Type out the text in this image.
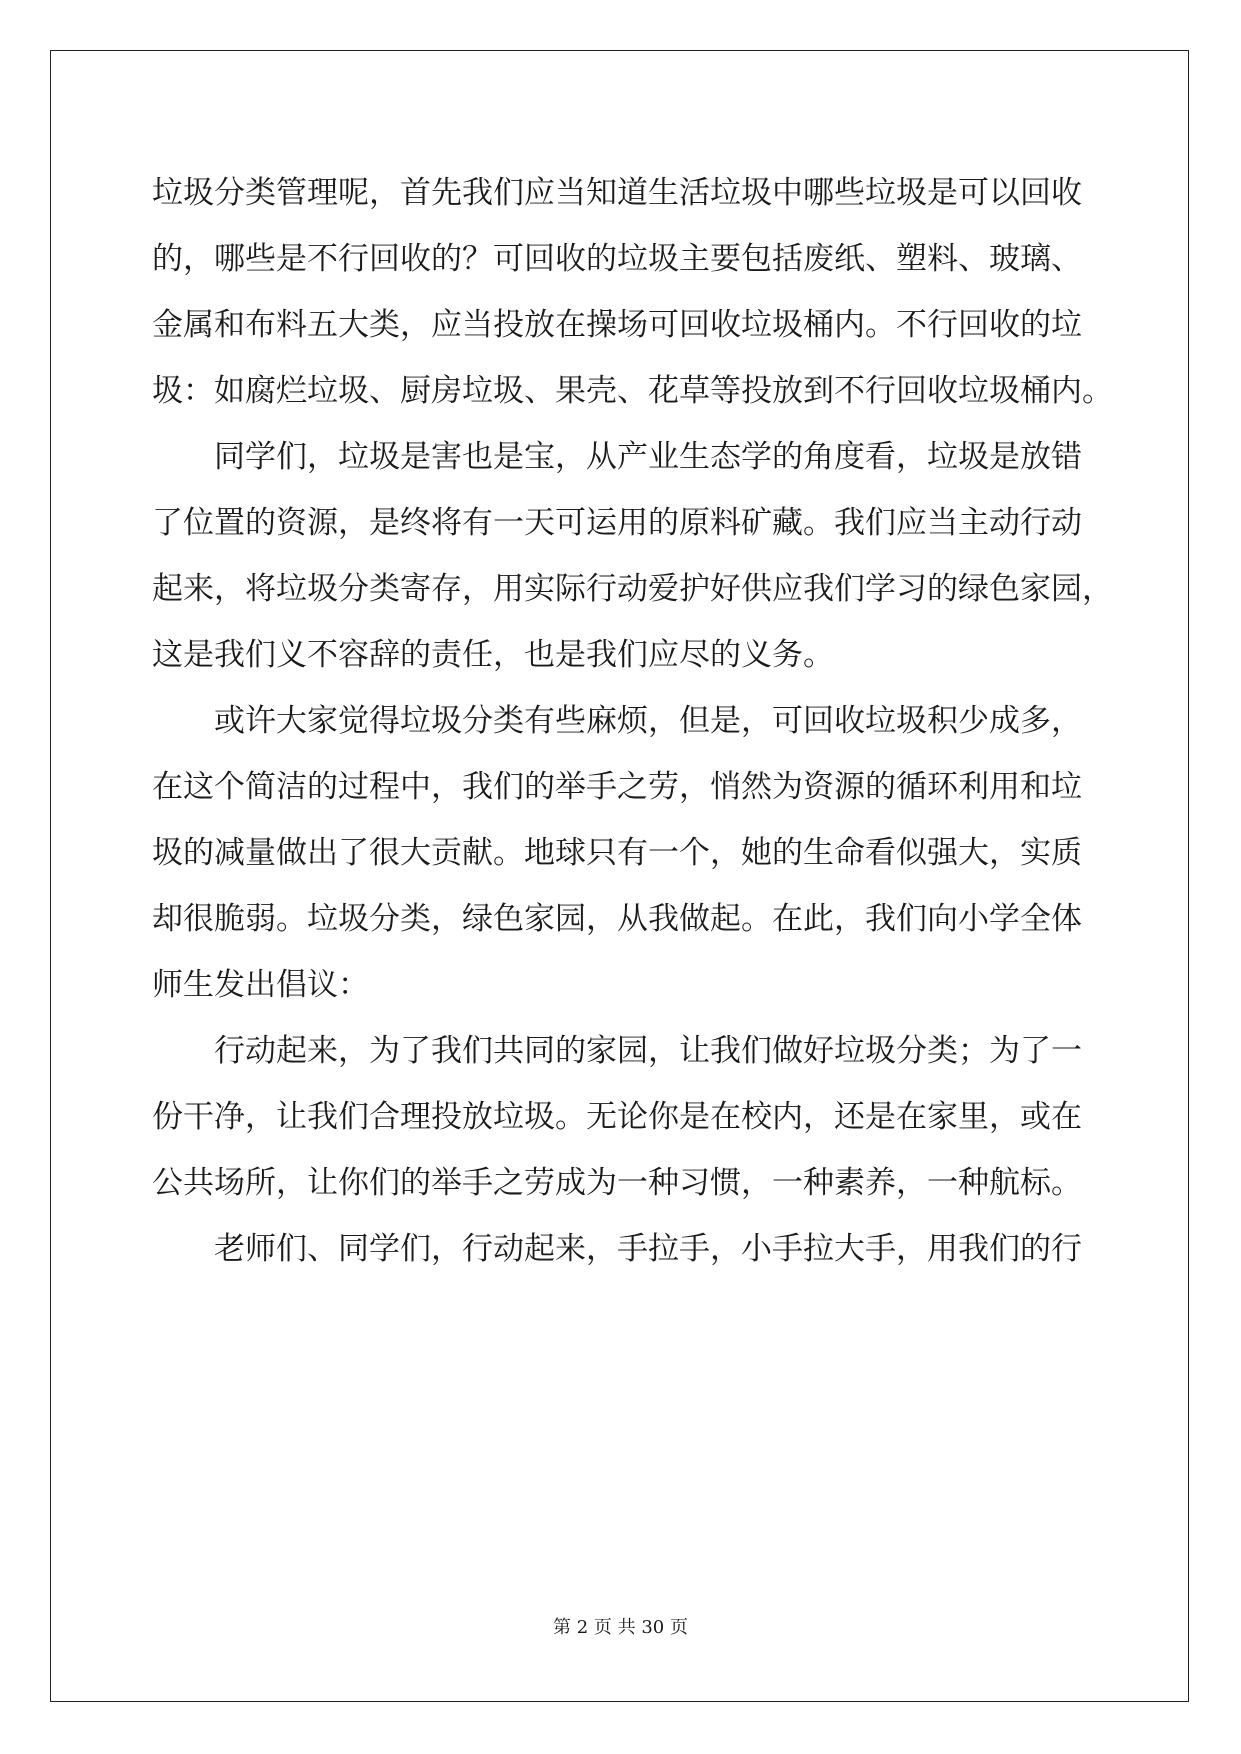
垃圾分类管理呢，首先我们应当知道生活垃圾中哪些垃圾是可以回收
的，哪些是不行回收的？可回收的垃圾主要包括废纸、塑料、玻璃、
金属和布料五大类，应当投放在操场可回收垃圾桶内。不行回收的垃
圾：如腐烂垃圾、厨房垃圾、果壳、花草等投放到不行回收垃圾桶内。
　　同学们，垃圾是害也是宝，从产业生态学的角度看，垃圾是放错
了位置的资源，是终将有一天可运用的原料矿藏。我们应当主动行动
起来，将垃圾分类寄存，用实际行动爱护好供应我们学习的绿色家园，
这是我们义不容辞的责任，也是我们应尽的义务。
　　或许大家觉得垃圾分类有些麻烦，但是，可回收垃圾积少成多，
在这个简洁的过程中，我们的举手之劳，悄然为资源的循环利用和垃
圾的减量做出了很大贡献。地球只有一个，她的生命看似强大，实质
却很脆弱。垃圾分类，绿色家园，从我做起。在此，我们向小学全体
师生发出倡议：
　　行动起来，为了我们共同的家园，让我们做好垃圾分类；为了一
份干净，让我们合理投放垃圾。无论你是在校内，还是在家里，或在
公共场所，让你们的举手之劳成为一种习惯，一种素养，一种航标。
　　老师们、同学们，行动起来，手拉手，小手拉大手，用我们的行
第 2 页 共 30 页
